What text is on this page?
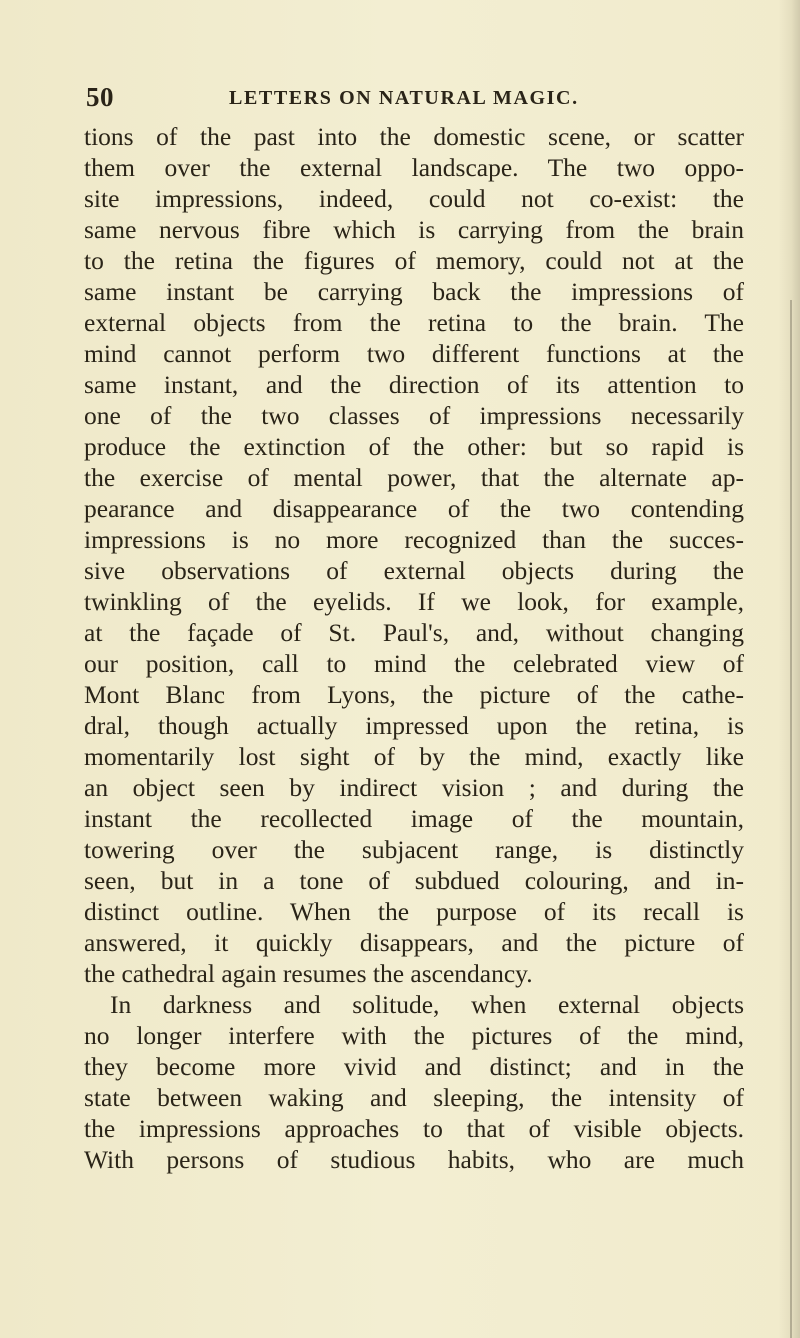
50	LETTERS ON NATURAL MAGIC.
tions of the past into the domestic scene, or scatter
them over the external landscape. The two oppo-
site impressions, indeed, could not co-exist: the
same nervous fibre which is carrying from the brain
to the retina the figures of memory, could not at the
same instant be carrying back the impressions of
external objects from the retina to the brain. The
mind cannot perform two different functions at the
same instant, and the direction of its attention to
one of the two classes of impressions necessarily
produce the extinction of the other: but so rapid is
the exercise of mental power, that the alternate ap-
pearance and disappearance of the two contending
impressions is no more recognized than the succes-
sive observations of external objects during the
twinkling of the eyelids. If we look, for example,
at the façade of St. Paul's, and, without changing
our position, call to mind the celebrated view of
Mont Blanc from Lyons, the picture of the cathe-
dral, though actually impressed upon the retina, is
momentarily lost sight of by the mind, exactly like
an object seen by indirect vision ; and during the
instant the recollected image of the mountain,
towering over the subjacent range, is distinctly
seen, but in a tone of subdued colouring, and in-
distinct outline. When the purpose of its recall is
answered, it quickly disappears, and the picture of
the cathedral again resumes the ascendancy.
In darkness and solitude, when external objects
no longer interfere with the pictures of the mind,
they become more vivid and distinct; and in the
state between waking and sleeping, the intensity of
the impressions approaches to that of visible objects.
With persons of studious habits, who are much
